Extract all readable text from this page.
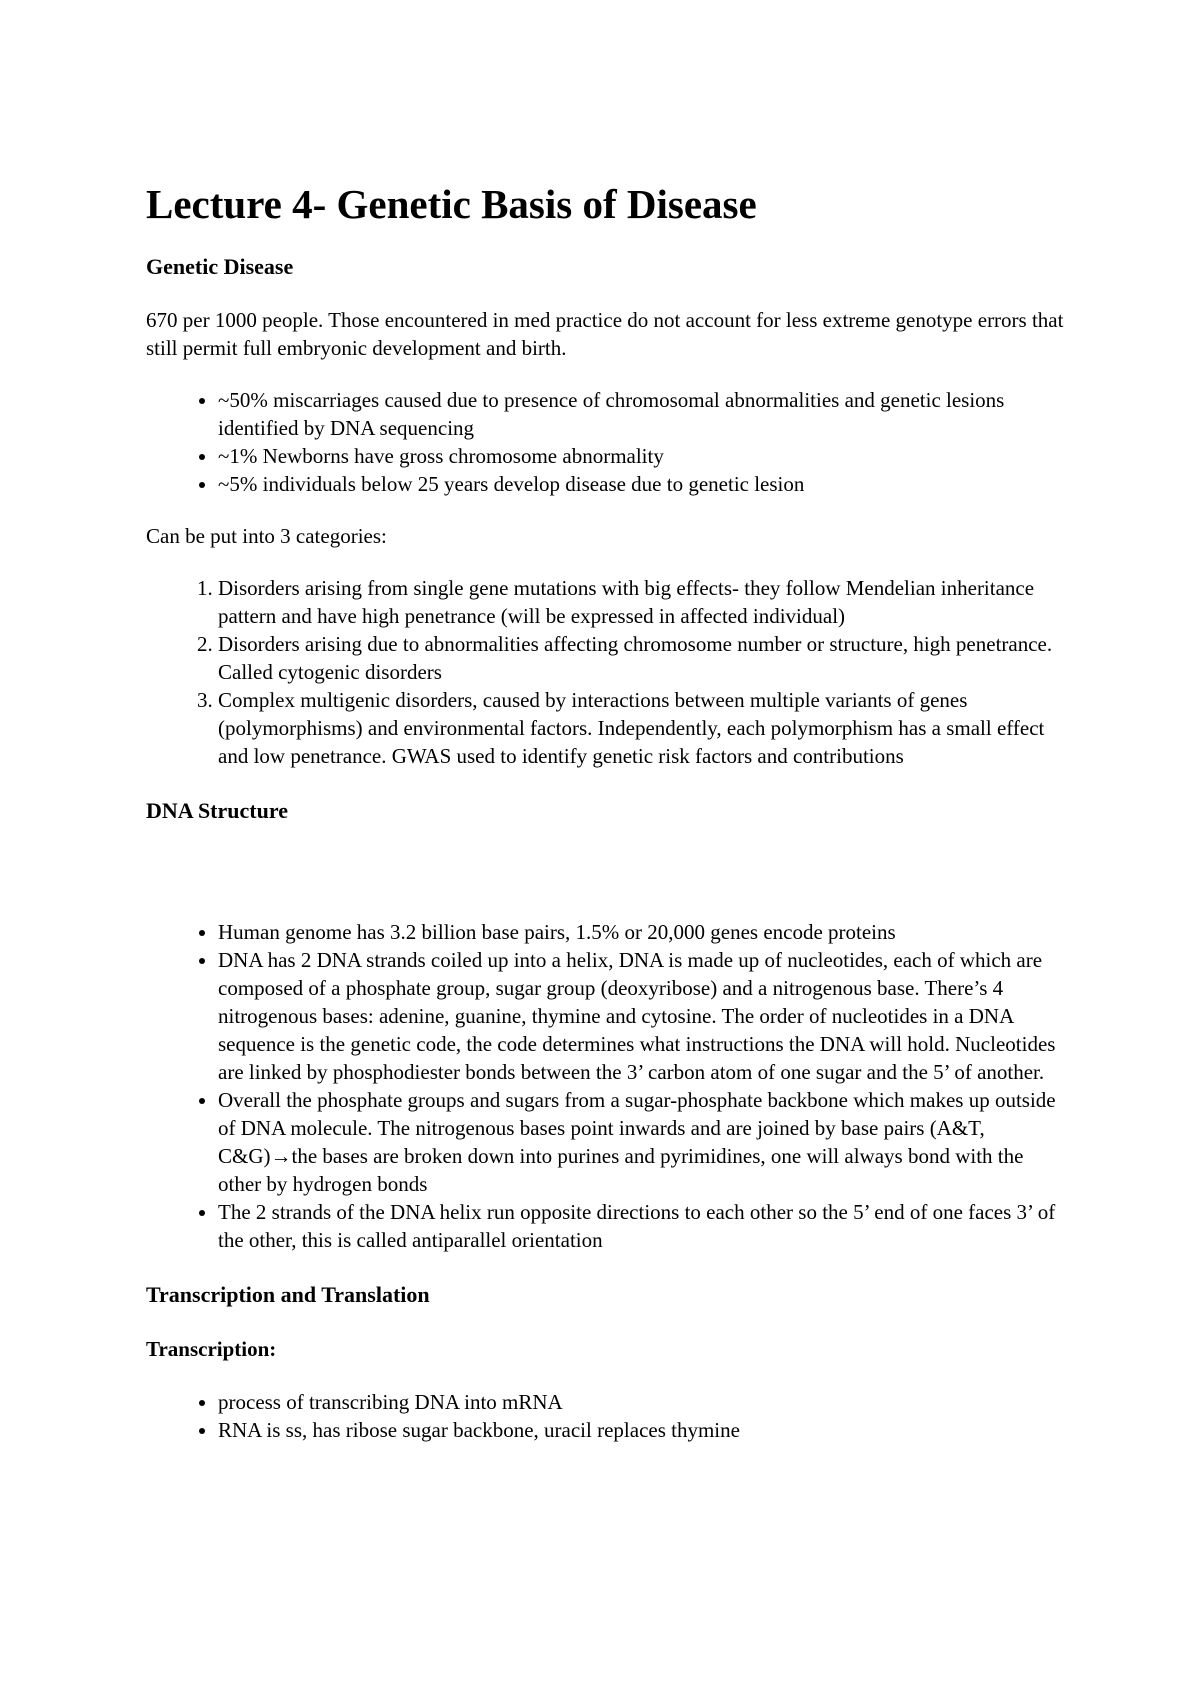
Lecture 4- Genetic Basis of Disease
Genetic Disease

670 per 1000 people. Those encountered in med practice do not account for less extreme genotype errors that still permit full embryonic development and birth.

• ~50% miscarriages caused due to presence of chromosomal abnormalities and genetic lesions identified by DNA sequencing
• ~1% Newborns have gross chromosome abnormality
• ~5% individuals below 25 years develop disease due to genetic lesion

Can be put into 3 categories:

1. Disorders arising from single gene mutations with big effects- they follow Mendelian inheritance pattern and have high penetrance (will be expressed in affected individual)
2. Disorders arising due to abnormalities affecting chromosome number or structure, high penetrance. Called cytogenic disorders
3. Complex multigenic disorders, caused by interactions between multiple variants of genes (polymorphisms) and environmental factors. Independently, each polymorphism has a small effect and low penetrance. GWAS used to identify genetic risk factors and contributions
DNA Structure
• Human genome has 3.2 billion base pairs, 1.5% or 20,000 genes encode proteins
• DNA has 2 DNA strands coiled up into a helix, DNA is made up of nucleotides, each of which are composed of a phosphate group, sugar group (deoxyribose) and a nitrogenous base. There’s 4 nitrogenous bases: adenine, guanine, thymine and cytosine. The order of nucleotides in a DNA sequence is the genetic code, the code determines what instructions the DNA will hold. Nucleotides are linked by phosphodiester bonds between the 3’ carbon atom of one sugar and the 5’ of another.
• Overall the phosphate groups and sugars from a sugar-phosphate backbone which makes up outside of DNA molecule. The nitrogenous bases point inwards and are joined by base pairs (A&T, C&G)→the bases are broken down into purines and pyrimidines, one will always bond with the other by hydrogen bonds
• The 2 strands of the DNA helix run opposite directions to each other so the 5’ end of one faces 3’ of the other, this is called antiparallel orientation
Transcription and Translation
Transcription:
• process of transcribing DNA into mRNA
• RNA is ss, has ribose sugar backbone, uracil replaces thymine
